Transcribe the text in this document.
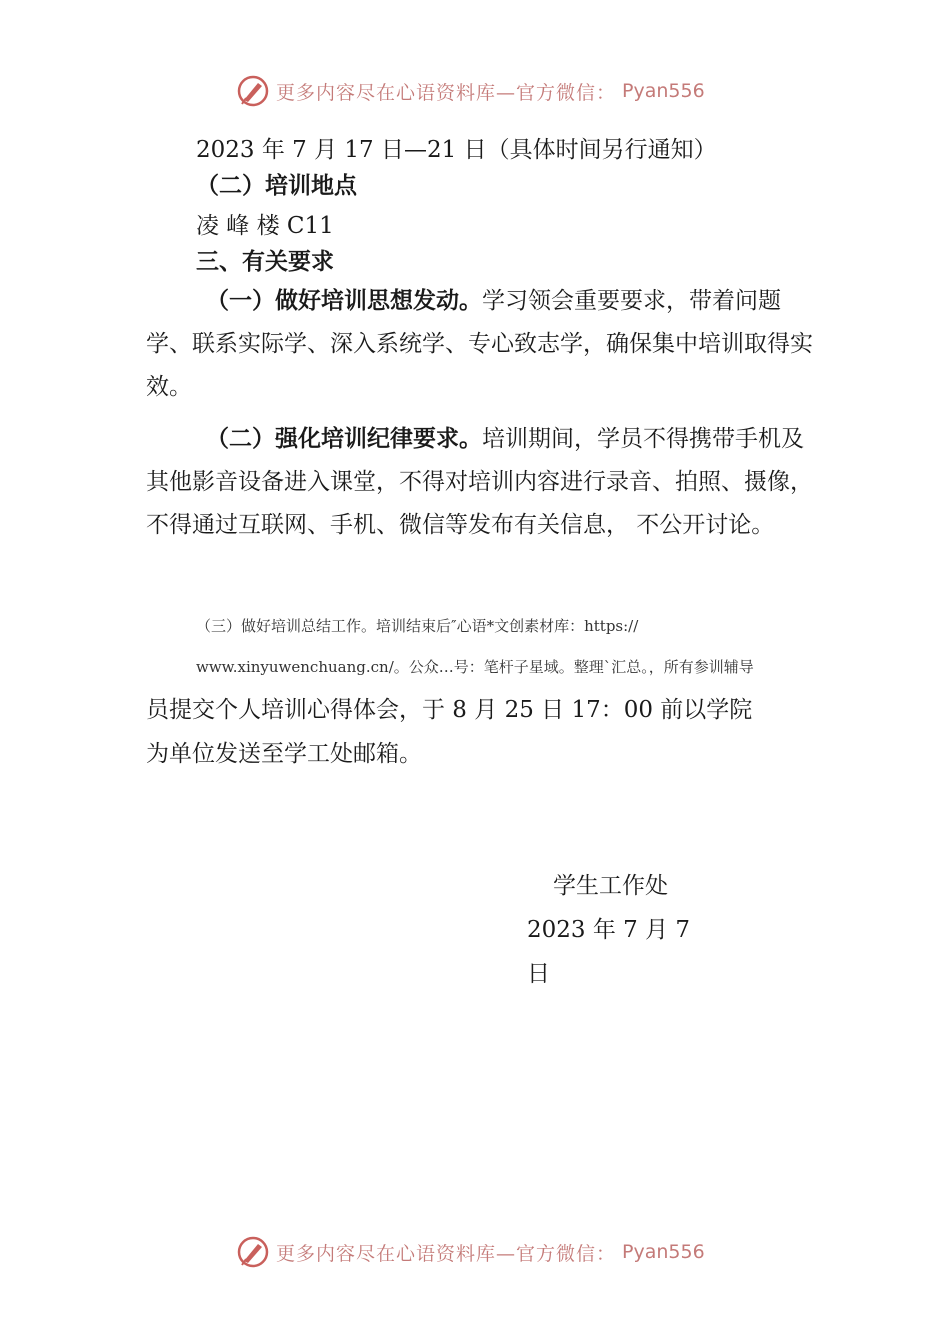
更多内容尽在心语资料库—官方微信： Pyan556
2023 年 7 月 17 日—21 日（具体时间另行通知）
（二）培训地点
凌 峰 楼 C11
三、有关要求
（一）做好培训思想发动。学习领会重要要求，带着问题学、联系实际学、深入系统学、专心致志学，确保集中培训取得实效。
（二）强化培训纪律要求。培训期间，学员不得携带手机及其他影音设备进入课堂，不得对培训内容进行录音、拍照、摄像，不得通过互联网、手机、微信等发布有关信息， 不公开讨论。
（三）做好培训总结工作。培训结束后″心语*文创素材库：https://
www.xinyuwenchuang.cn/。公众…号：笔杆子星域。整理`汇总。，所有参训辅导
员提交个人培训心得体会，于 8 月 25 日 17：00 前以学院
为单位发送至学工处邮箱。
学生工作处
2023 年 7 月 7
日
更多内容尽在心语资料库—官方微信： Pyan556
